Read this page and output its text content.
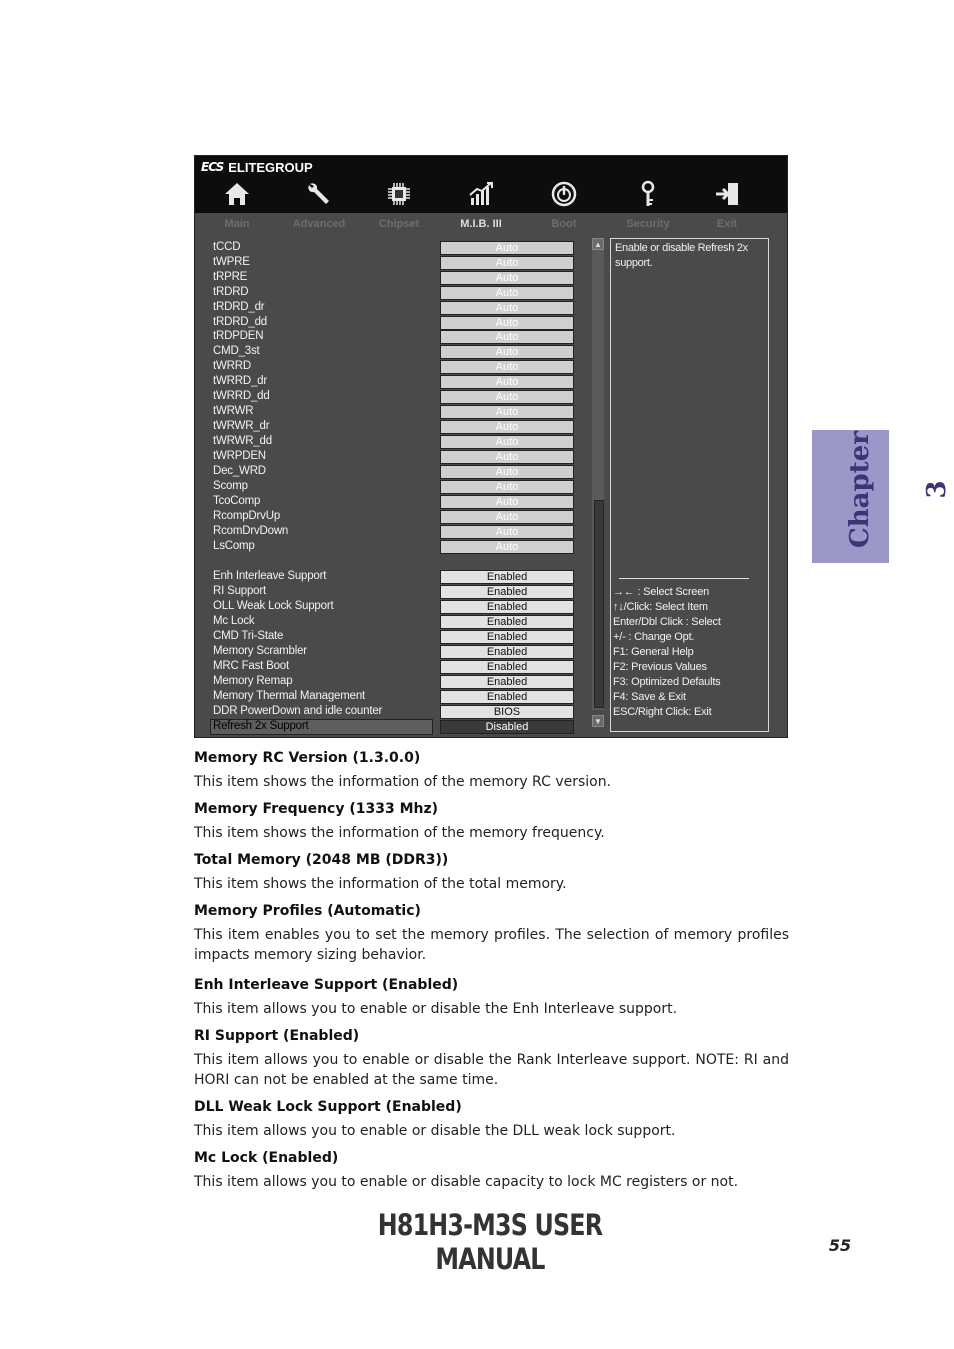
ECS ELITEGROUP
Main	Advanced	Chipset	M.I.B. III	Boot	Security	Exit
tCCD	Auto
tWPRE	Auto
tRPRE	Auto
tRDRD	Auto
tRDRD_dr	Auto
tRDRD_dd	Auto
tRDPDEN	Auto
CMD_3st	Auto
tWRRD	Auto
tWRRD_dr	Auto
tWRRD_dd	Auto
tWRWR	Auto
tWRWR_dr	Auto
tWRWR_dd	Auto
tWRPDEN	Auto
Dec_WRD	Auto
Scomp	Auto
TcoComp	Auto
RcompDrvUp	Auto
RcomDrvDown	Auto
LsComp	Auto
Enh Interleave Support	Enabled
RI Support	Enabled
OLL Weak Lock Support	Enabled
Mc Lock	Enabled
CMD Tri-State	Enabled
Memory Scrambler	Enabled
MRC Fast Boot	Enabled
Memory Remap	Enabled
Memory Thermal Management	Enabled
DDR PowerDown and idle counter	BIOS
Refresh 2x Support	Disabled
▲
▼
Enable or disable Refresh 2x support.
→← : Select Screen
↑↓/Click: Select Item
Enter/Dbl Click : Select
+/- : Change Opt.
F1: General Help
F2: Previous Values
F3: Optimized Defaults
F4: Save & Exit
ESC/Right Click: Exit
Memory RC Version (1.3.0.0)
This item shows the information of the memory RC version.
Memory Frequency (1333 Mhz)
This item shows the information of the memory frequency.
Total Memory (2048 MB (DDR3))
This item shows the information of the total memory.
Memory Profiles (Automatic)
This item enables you to set the memory profiles. The selection of memory profiles impacts memory sizing behavior.
Enh Interleave Support (Enabled)
This item allows you to enable or disable the Enh Interleave support.
RI Support (Enabled)
This item allows you to enable or disable the Rank Interleave support. NOTE: RI and HORI can not be enabled at the same time.
DLL Weak Lock Support (Enabled)
This item allows you to enable or disable the DLL weak lock support.
Mc Lock (Enabled)
This item allows you to enable or disable capacity to lock MC registers or not.
Chapter 3
H81H3-M3S USER MANUAL	55
